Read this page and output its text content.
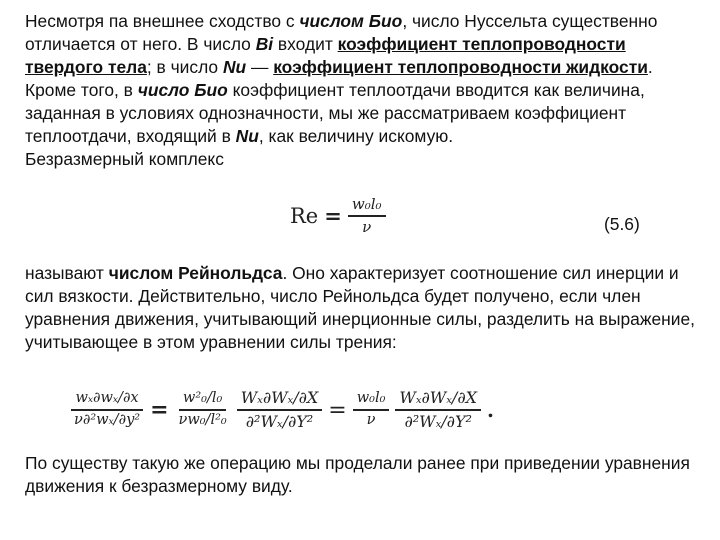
Несмотря па внешнее сходство с числом Био, число Нуссельта существенно отличается от него. В число Bi входит коэффициент теплопроводности твердого тела; в число Nu — коэффициент теплопроводности жидкости. Кроме того, в число Био коэффициент теплоотдачи вводится как величина, заданная в условиях однозначности, мы же рассматриваем коэффициент теплоотдачи, входящий в Nu, как величину искомую.
Безразмерный комплекс

$Re = \frac{\text{w₀l₀}}{\nu}$	(5.6)

называют числом Рейнольдса. Оно характеризует соотношение сил инерции и сил вязкости. Действительно, число Рейнольдса будет получено, если член уравнения движения, учитывающий инерционные силы, разделить на выражение, учитывающее в этом уравнении силы трения:

$\frac{\text{wₓ∂wₓ/∂x}}{\text{ν∂²wₓ/∂y²}} = \frac{\text{w²₀/l₀}}{\text{νw₀/l²₀}} \frac{\text{Wₓ∂Wₓ/∂X}}{\text{∂²Wₓ/∂Y²}} = \frac{\text{w₀l₀}}{\nu} \frac{\text{Wₓ∂Wₓ/∂X}}{\text{∂²Wₓ/∂Y²}}$ .

По существу такую же операцию мы проделали ранее при приведении уравнения движения к безразмерному виду.
